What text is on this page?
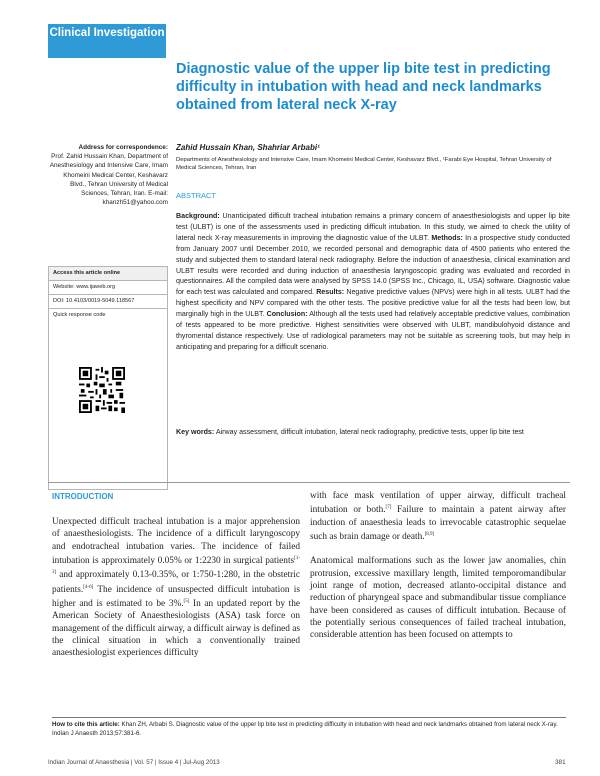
Clinical Investigation
Diagnostic value of the upper lip bite test in predicting difficulty in intubation with head and neck landmarks obtained from lateral neck X-ray
Address for correspondence:
Prof. Zahid Hussain Khan, Department of Anesthesiology and Intensive Care, Imam Khomeini Medical Center, Keshavarz Blvd., Tehran University of Medical Sciences, Tehran, Iran. E-mail: khanzh51@yahoo.com
Access this article online
Website: www.ijaweb.org
DOI: 10.4103/0019-5049.118567
Quick response code
Zahid Hussain Khan, Shahriar Arbabi¹
Departments of Anesthesiology and Intensive Care, Imam Khomeini Medical Center, Keshavarz Blvd., ¹Farabi Eye Hospital, Tehran University of Medical Sciences, Tehran, Iran
ABSTRACT
Background: Unanticipated difficult tracheal intubation remains a primary concern of anaesthesiologists and upper lip bite test (ULBT) is one of the assessments used in predicting difficult intubation. In this study, we aimed to check the utility of lateral neck X-ray measurements in improving the diagnostic value of the ULBT. Methods: In a prospective study conducted from January 2007 until December 2010, we recorded personal and demographic data of 4500 patients who entered the study and subjected them to standard lateral neck radiography. Before the induction of anaesthesia, clinical examination and ULBT results were recorded and during induction of anaesthesia laryngoscopic grading was evaluated and recorded in questionnaires. All the compiled data were analysed by SPSS 14.0 (SPSS Inc., Chicago, IL, USA) software. Diagnostic value for each test was calculated and compared. Results: Negative predictive values (NPVs) were high in all tests. ULBT had the highest specificity and NPV compared with the other tests. The positive predictive value for all the tests had been low, but marginally high in the ULBT. Conclusion: Although all the tests used had relatively acceptable predictive values, combination of tests appeared to be more predictive. Highest sensitivities were observed with ULBT, mandibulohyoid distance and thyromental distance respectively. Use of radiological parameters may not be suitable as screening tools, but may help in anticipating and preparing for a difficult scenario.
Key words: Airway assessment, difficult intubation, lateral neck radiography, predictive tests, upper lip bite test
INTRODUCTION
Unexpected difficult tracheal intubation is a major apprehension of anaesthesiologists. The incidence of a difficult laryngoscopy and endotracheal intubation varies. The incidence of failed intubation is approximately 0.05% or 1:2230 in surgical patients[1-3] and approximately 0.13-0.35%, or 1:750-1:280, in the obstetric patients.[4-6] The incidence of unsuspected difficult intubation is higher and is estimated to be 3%.[5] In an updated report by the American Society of Anaesthesiologists (ASA) task force on management of the difficult airway, a difficult airway is defined as the clinical situation in which a conventionally trained anaesthesiologist experiences difficulty

with face mask ventilation of upper airway, difficult tracheal intubation or both.[7] Failure to maintain a patent airway after induction of anaesthesia leads to irrevocable catastrophic sequelae such as brain damage or death.[8,9]

Anatomical malformations such as the lower jaw anomalies, chin protrusion, excessive maxillary length, limited temporomandibular joint range of motion, decreased atlanto-occipital distance and reduction of pharyngeal space and submandibular tissue compliance have been considered as causes of difficult intubation. Because of the potentially serious consequences of failed tracheal intubation, considerable attention has been focused on attempts to

How to cite this article: Khan ZH, Arbabi S. Diagnostic value of the upper lip bite test in predicting difficulty in intubation with head and neck landmarks obtained from lateral neck X-ray. Indian J Anaesth 2013;57:381-6.
Indian Journal of Anaesthesia | Vol. 57 | Issue 4 | Jul-Aug 2013	381
